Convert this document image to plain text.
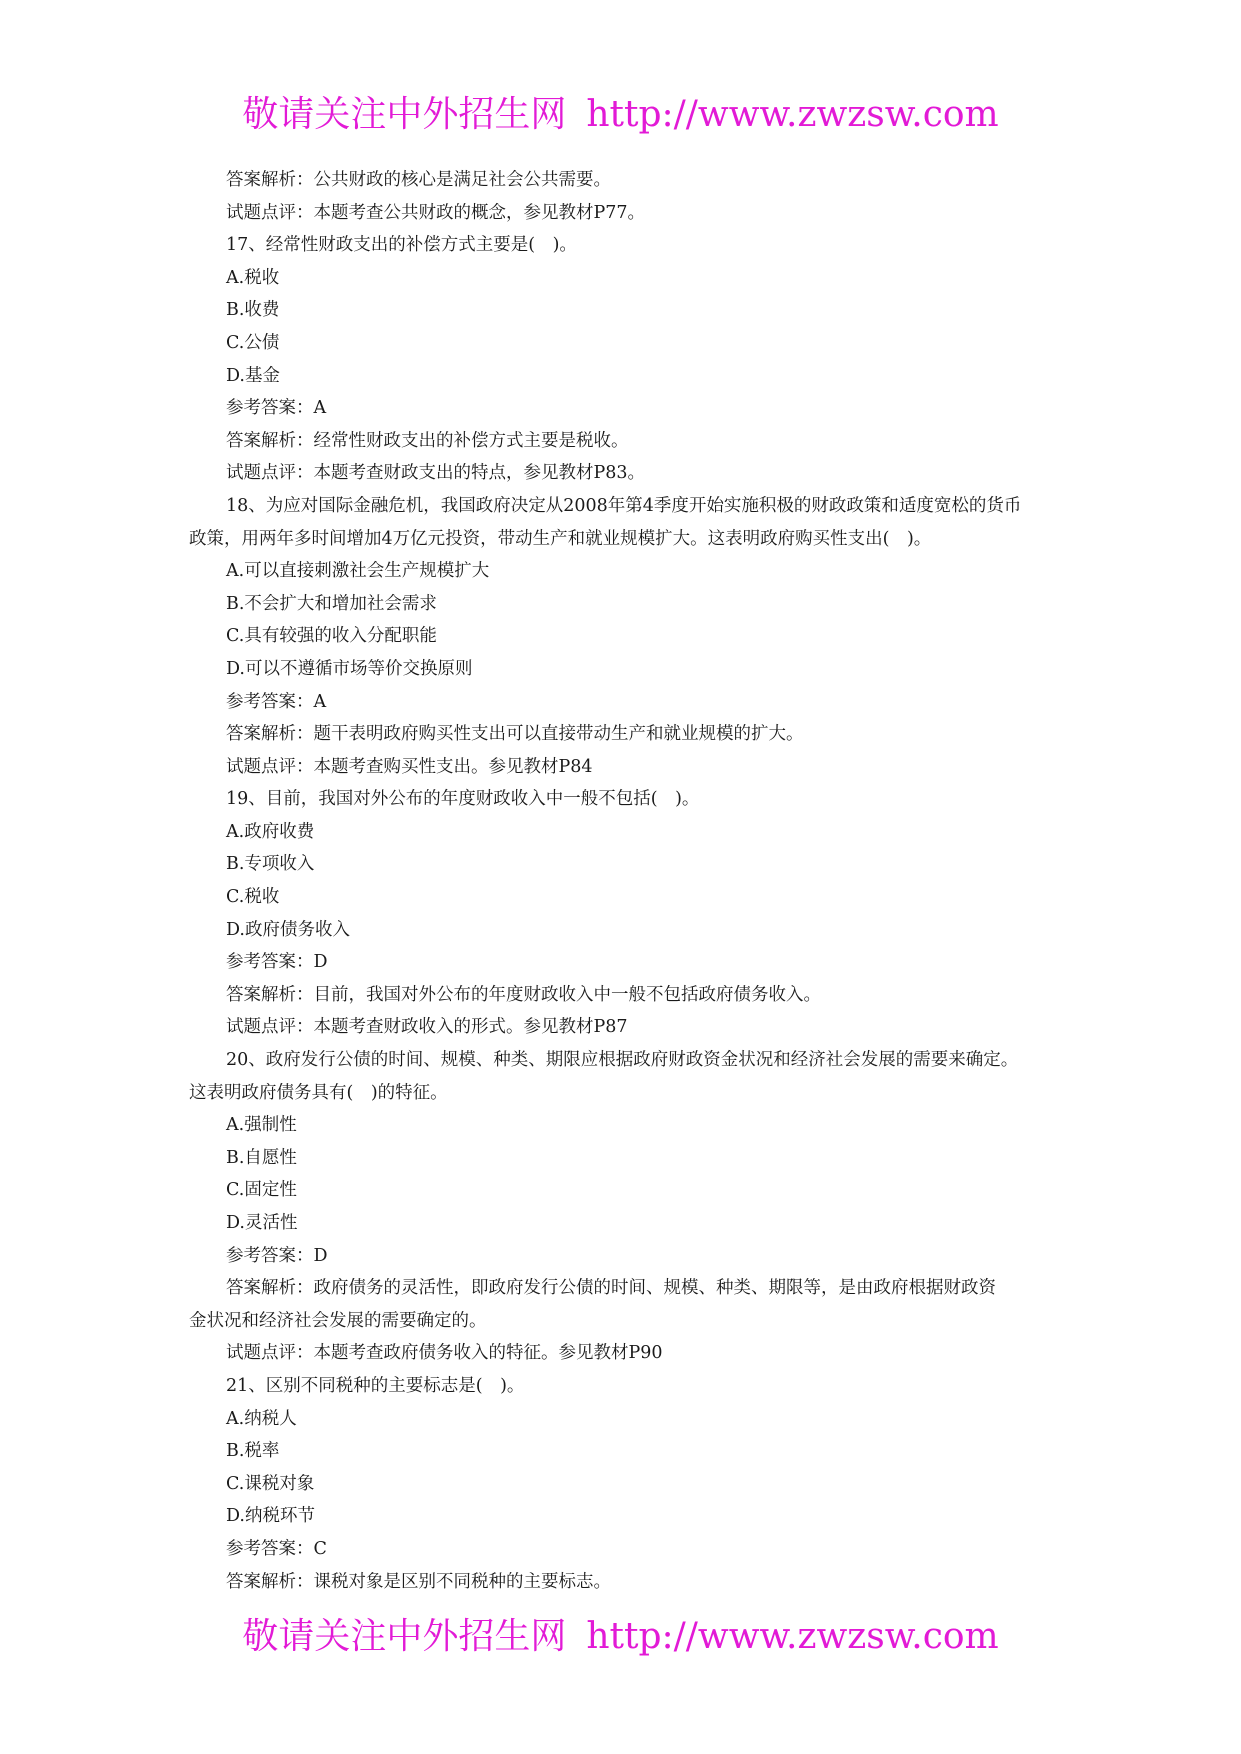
敬请关注中外招生网 http://www.zwzsw.com
答案解析：公共财政的核心是满足社会公共需要。
试题点评：本题考查公共财政的概念，参见教材P77。
17、经常性财政支出的补偿方式主要是(　)。
A.税收
B.收费
C.公债
D.基金
参考答案：A
答案解析：经常性财政支出的补偿方式主要是税收。
试题点评：本题考查财政支出的特点，参见教材P83。
18、为应对国际金融危机，我国政府决定从2008年第4季度开始实施积极的财政政策和适度宽松的货币
政策，用两年多时间增加4万亿元投资，带动生产和就业规模扩大。这表明政府购买性支出(　)。
A.可以直接刺激社会生产规模扩大
B.不会扩大和增加社会需求
C.具有较强的收入分配职能
D.可以不遵循市场等价交换原则
参考答案：A
答案解析：题干表明政府购买性支出可以直接带动生产和就业规模的扩大。
试题点评：本题考查购买性支出。参见教材P84
19、目前，我国对外公布的年度财政收入中一般不包括(　)。
A.政府收费
B.专项收入
C.税收
D.政府债务收入
参考答案：D
答案解析：目前，我国对外公布的年度财政收入中一般不包括政府债务收入。
试题点评：本题考查财政收入的形式。参见教材P87
20、政府发行公债的时间、规模、种类、期限应根据政府财政资金状况和经济社会发展的需要来确定。
这表明政府债务具有(　)的特征。
A.强制性
B.自愿性
C.固定性
D.灵活性
参考答案：D
答案解析：政府债务的灵活性，即政府发行公债的时间、规模、种类、期限等，是由政府根据财政资
金状况和经济社会发展的需要确定的。
试题点评：本题考查政府债务收入的特征。参见教材P90
21、区别不同税种的主要标志是(　)。
A.纳税人
B.税率
C.课税对象
D.纳税环节
参考答案：C
答案解析：课税对象是区别不同税种的主要标志。
敬请关注中外招生网 http://www.zwzsw.com
